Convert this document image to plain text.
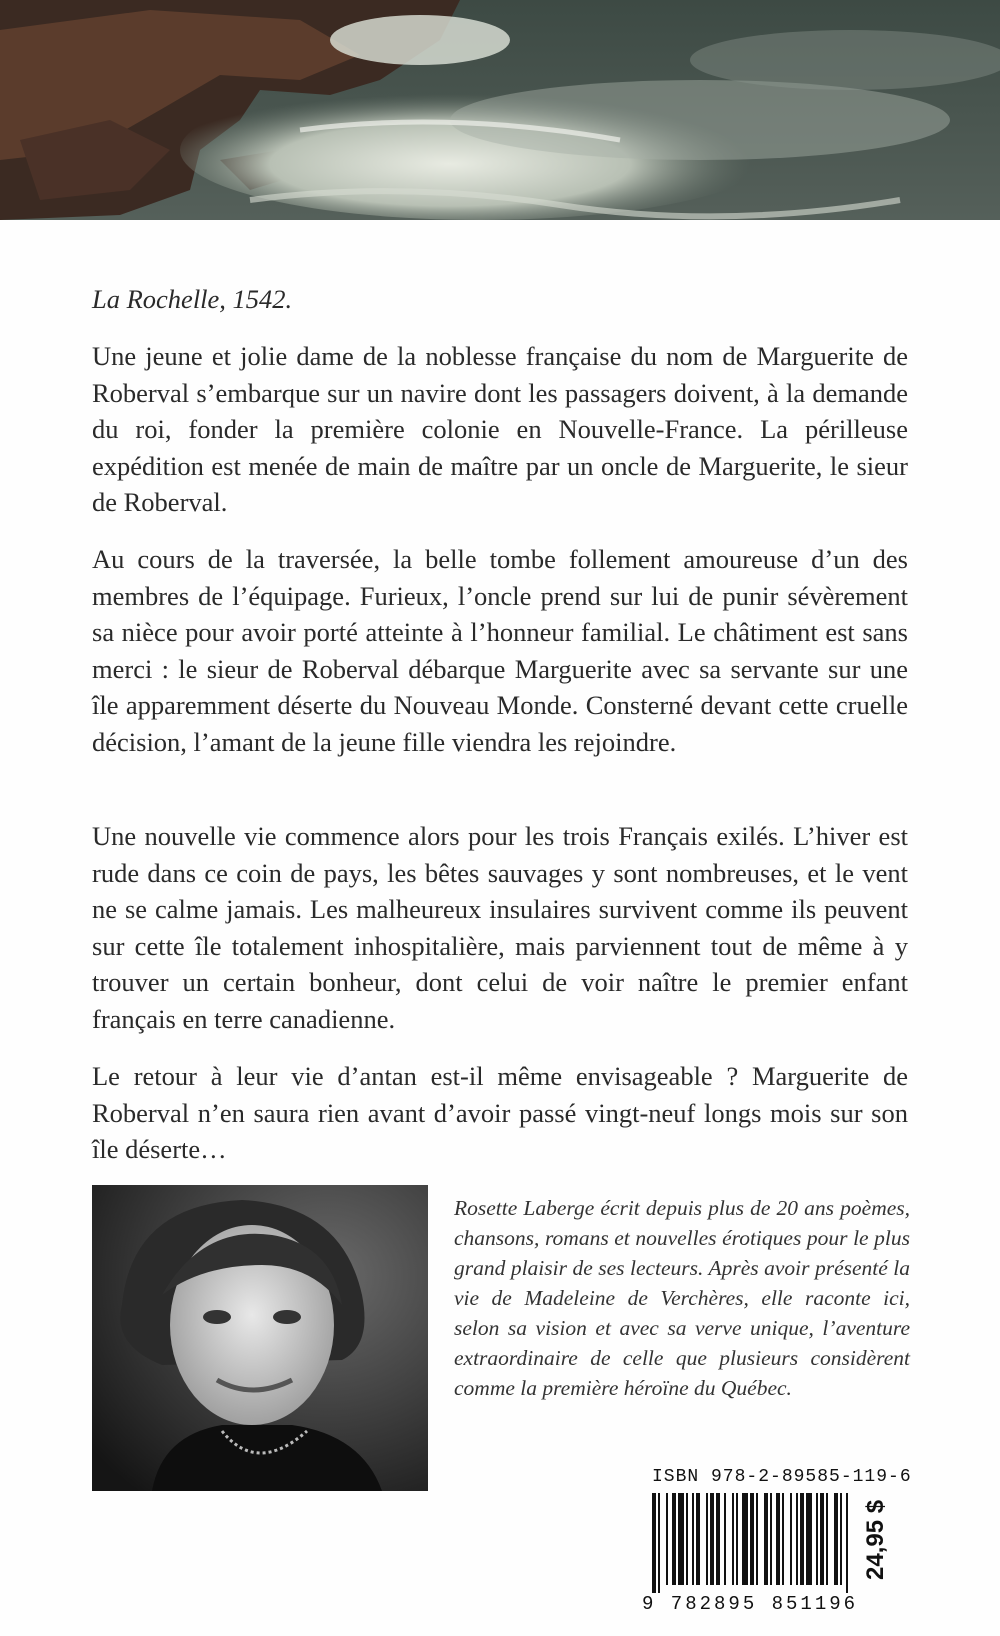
La Rochelle, 1542.

Une jeune et jolie dame de la noblesse française du nom de Marguerite de Roberval s’embarque sur un navire dont les passagers doivent, à la demande du roi, fonder la première colonie en Nouvelle-France. La périlleuse expédition est menée de main de maître par un oncle de Marguerite, le sieur de Roberval.

Au cours de la traversée, la belle tombe follement amoureuse d’un des membres de l’équipage. Furieux, l’oncle prend sur lui de punir sévèrement sa nièce pour avoir porté atteinte à l’honneur familial. Le châtiment est sans merci : le sieur de Roberval débarque Marguerite avec sa servante sur une île apparemment déserte du Nouveau Monde. Consterné devant cette cruelle décision, l’amant de la jeune fille viendra les rejoindre.

Une nouvelle vie commence alors pour les trois Français exilés. L’hiver est rude dans ce coin de pays, les bêtes sauvages y sont nombreuses, et le vent ne se calme jamais. Les malheureux insulaires survivent comme ils peuvent sur cette île totalement inhospitalière, mais parviennent tout de même à y trouver un certain bonheur, dont celui de voir naître le premier enfant français en terre canadienne.

Le retour à leur vie d’antan est-il même envisageable ? Marguerite de Roberval n’en saura rien avant d’avoir passé vingt-neuf longs mois sur son île déserte…

Rosette Laberge écrit depuis plus de 20 ans poèmes, chansons, romans et nouvelles érotiques pour le plus grand plaisir de ses lecteurs. Après avoir présenté la vie de Madeleine de Verchères, elle raconte ici, selon sa vision et avec sa verve unique, l’aventure extraordinaire de celle que plusieurs considèrent comme la première héroïne du Québec.

ISBN 978-2-89585-119-6
9 782895 851196
24,95 $
